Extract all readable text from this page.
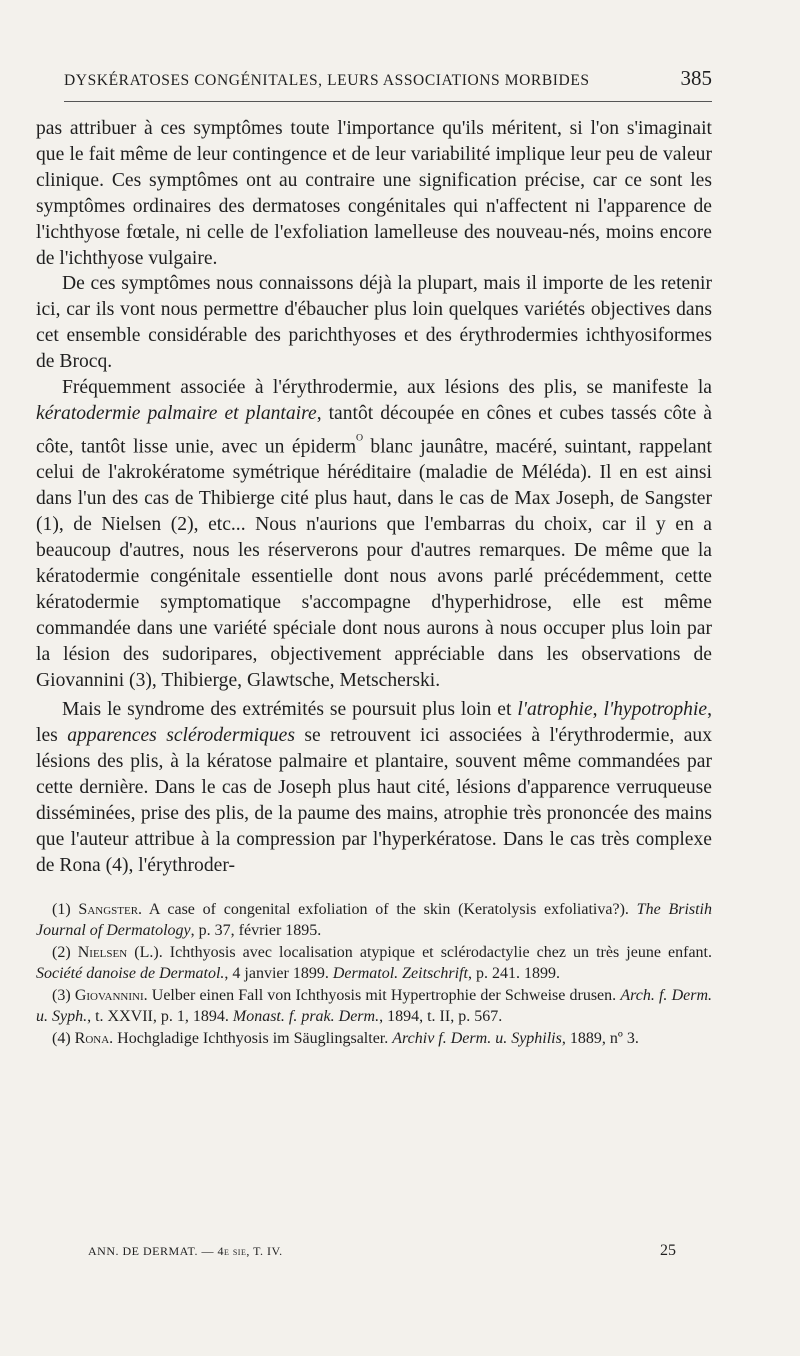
DYSKÉRATOSES CONGÉNITALES, LEURS ASSOCIATIONS MORBIDES	385

pas attribuer à ces symptômes toute l'importance qu'ils méritent, si l'on s'imaginait que le fait même de leur contingence et de leur variabilité implique leur peu de valeur clinique. Ces symptômes ont au contraire une signification précise, car ce sont les symptômes ordinaires des dermatoses congénitales qui n'affectent ni l'apparence de l'ichthyose fœtale, ni celle de l'exfoliation lamelleuse des nouveau-nés, moins encore de l'ichthyose vulgaire.

De ces symptômes nous connaissons déjà la plupart, mais il importe de les retenir ici, car ils vont nous permettre d'ébaucher plus loin quelques variétés objectives dans cet ensemble considérable des parichthyoses et des érythrodermies ichthyosiformes de Brocq.

Fréquemment associée à l'érythrodermie, aux lésions des plis, se manifeste la kératodermie palmaire et plantaire, tantôt découpée en cônes et cubes tassés côte à côte, tantôt lisse unie, avec un épiderm$^ᴼ$ blanc jaunâtre, macéré, suintant, rappelant celui de l'akrokératome symétrique héréditaire (maladie de Méléda). Il en est ainsi dans l'un des cas de Thibierge cité plus haut, dans le cas de Max Joseph, de Sangster (1), de Nielsen (2), etc... Nous n'aurions que l'embarras du choix, car il y en a beaucoup d'autres, nous les réserverons pour d'autres remarques. De même que la kératodermie congénitale essentielle dont nous avons parlé précédemment, cette kératodermie symptomatique s'accompagne d'hyperhidrose, elle est même commandée dans une variété spéciale dont nous aurons à nous occuper plus loin par la lésion des sudoripares, objectivement appréciable dans les observations de Giovannini (3), Thibierge, Glawtsche, Metscherski.

Mais le syndrome des extrémités se poursuit plus loin et l'atrophie, l'hypotrophie, les apparences sclérodermiques se retrouvent ici associées à l'érythrodermie, aux lésions des plis, à la kératose palmaire et plantaire, souvent même commandées par cette dernière. Dans le cas de Joseph plus haut cité, lésions d'apparence verruqueuse disséminées, prise des plis, de la paume des mains, atrophie très prononcée des mains que l'auteur attribue à la compression par l'hyperkératose. Dans le cas très complexe de Rona (4), l'érythroder-

(1) Sangster. A case of congenital exfoliation of the skin (Keratolysis exfoliativa?). The Bristih Journal of Dermatology, p. 37, février 1895.

(2) Nielsen (L.). Ichthyosis avec localisation atypique et sclérodactylie chez un très jeune enfant. Société danoise de Dermatol., 4 janvier 1899. Dermatol. Zeitschrift, p. 241. 1899.

(3) Giovannini. Uelber einen Fall von Ichthyosis mit Hypertrophie der Schweise drusen. Arch. f. Derm. u. Syph., t. XXVII, p. 1, 1894. Monast. f. prak. Derm., 1894, t. II, p. 567.

(4) Rona. Hochgladige Ichthyosis im Säuglingsalter. Archiv f. Derm. u. Syphilis, 1889, nº 3.

ANN. DE DERMAT. — 4e sie, T. IV.	25
